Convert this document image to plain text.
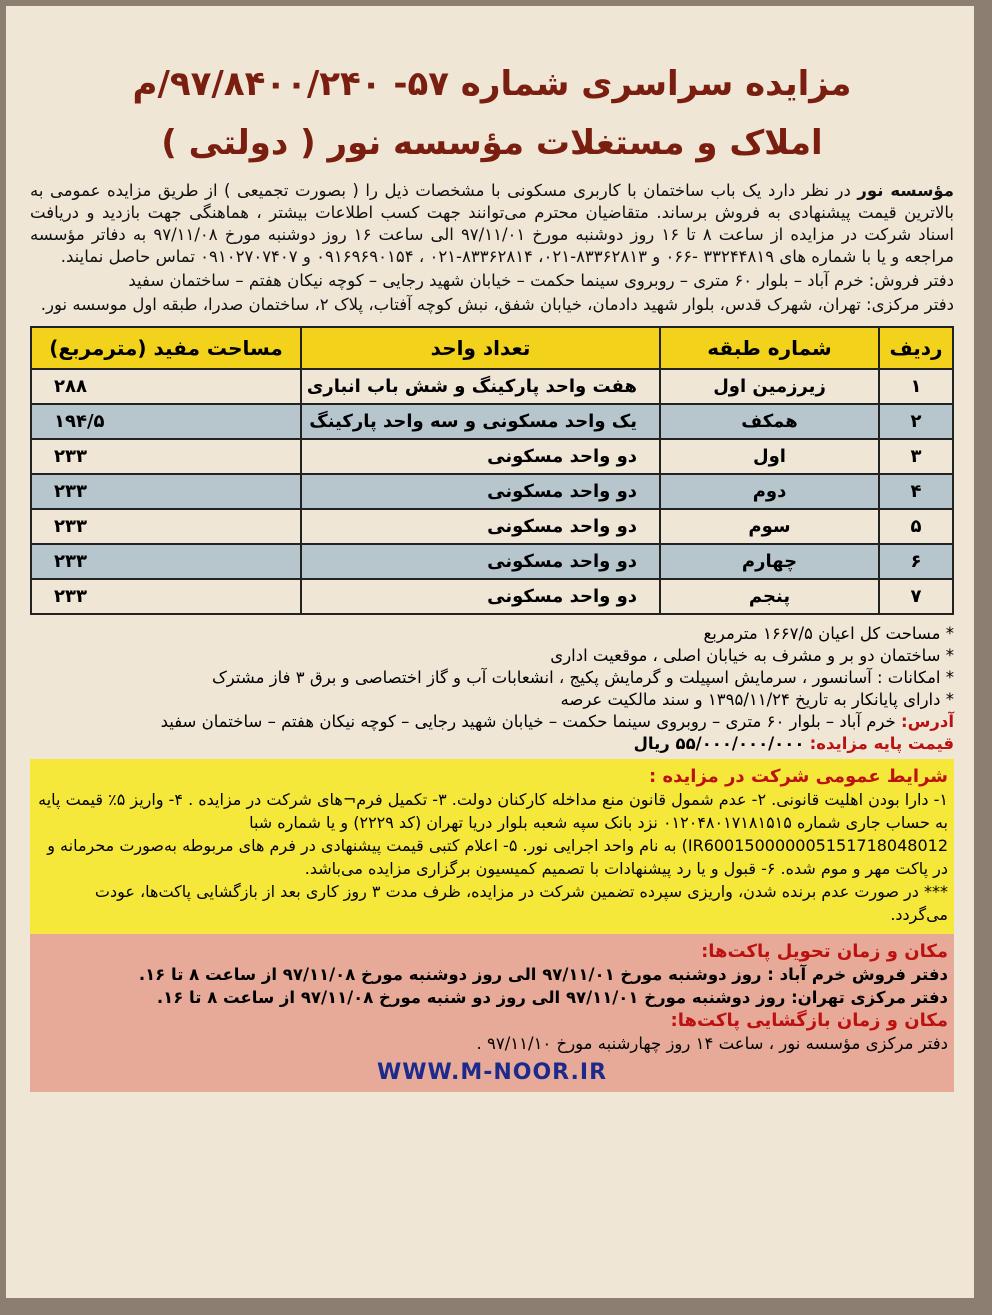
مزایده سراسری شماره ۵۷- ۹۷/۸۴۰۰/۲۴۰/م
املاک و مستغلات مؤسسه نور ( دولتی )

مؤسسه نور در نظر دارد یک باب ساختمان با کاربری مسکونی با مشخصات ذیل را ( بصورت تجمیعی ) از طریق مزایده عمومی به بالاترین قیمت پیشنهادی به فروش برساند. متقاضیان محترم می‌توانند جهت کسب اطلاعات بیشتر ، هماهنگی جهت بازدید و دریافت اسناد شرکت در مزایده از ساعت ۸ تا ۱۶ روز دوشنبه مورخ ۹۷/۱۱/۰۱ الی ساعت ۱۶ روز دوشنبه مورخ ۹۷/۱۱/۰۸ به دفاتر مؤسسه مراجعه و یا با شماره های ۳۳۲۴۴۸۱۹ -۰۶۶ و ۸۳۳۶۲۸۱۳-۰۲۱، ۸۳۳۶۲۸۱۴-۰۲۱ ، ۰۹۱۶۹۶۹۰۱۵۴ و ۰۹۱۰۲۷۰۷۴۰۷ تماس حاصل نمایند.

دفتر فروش: خرم آباد – بلوار ۶۰ متری – روبروی سینما حکمت – خیابان شهید رجایی – کوچه نیکان هفتم – ساختمان سفید

دفتر مرکزی: تهران، شهرک قدس، بلوار شهید دادمان، خیابان شفق، نبش کوچه آفتاب، پلاک ۲، ساختمان صدرا، طبقه اول موسسه نور.

ردیف	شماره طبقه	تعداد واحد	مساحت مفید (مترمربع)
۱	زیرزمین اول	هفت واحد پارکینگ و شش باب انباری	۲۸۸
۲	همکف	یک واحد مسکونی و سه واحد پارکینگ	۱۹۴/۵
۳	اول	دو واحد مسکونی	۲۳۳
۴	دوم	دو واحد مسکونی	۲۳۳
۵	سوم	دو واحد مسکونی	۲۳۳
۶	چهارم	دو واحد مسکونی	۲۳۳
۷	پنجم	دو واحد مسکونی	۲۳۳
* مساحت کل اعیان ۱۶۶۷/۵ مترمربع
* ساختمان دو بر و مشرف به خیابان اصلی ، موقعیت اداری
* امکانات : آسانسور ، سرمایش اسپیلت و گرمایش پکیج ، انشعابات آب و گاز اختصاصی و برق ۳ فاز مشترک
* دارای پایانکار به تاریخ ۱۳۹۵/۱۱/۲۴ و سند مالکیت عرصه
آدرس: خرم آباد – بلوار ۶۰ متری – روبروی سینما حکمت – خیابان شهید رجایی – کوچه نیکان هفتم – ساختمان سفید
قیمت پایه مزایده: ۵۵/۰۰۰/۰۰۰/۰۰۰ ریال
شرایط عمومی شرکت در مزایده :
۱- دارا بودن اهلیت قانونی. ۲- عدم شمول قانون منع مداخله کارکنان دولت. ۳- تکمیل فرم¬های شرکت در مزایده . ۴- واریز ۵٪ قیمت پایه به حساب جاری شماره ۰۱۲۰۴۸۰۱۷۱۸۱۵۱۵ نزد بانک سپه شعبه بلوار دریا تهران (کد ۲۲۲۹) و یا شماره شبا (IR600150000005151718048012 به نام واحد اجرایی نور. ۵- اعلام کتبی قیمت پیشنهادی در فرم های مربوطه به‌صورت محرمانه و در پاکت مهر و موم شده. ۶- قبول و یا رد پیشنهادات با تصمیم کمیسیون برگزاری مزایده می‌باشد.
*** در صورت عدم برنده شدن، واریزی سپرده تضمین شرکت در مزایده، ظرف مدت ۳ روز کاری بعد از بازگشایی پاکت‌ها، عودت می‌گردد.
مکان و زمان تحویل پاکت‌ها:
دفتر فروش خرم آباد : روز دوشنبه مورخ ۹۷/۱۱/۰۱ الی روز دوشنبه مورخ ۹۷/۱۱/۰۸ از ساعت ۸ تا ۱۶.
دفتر مرکزی تهران: روز دوشنبه مورخ ۹۷/۱۱/۰۱ الی روز دو شنبه مورخ ۹۷/۱۱/۰۸ از ساعت ۸ تا ۱۶.
مکان و زمان بازگشایی پاکت‌ها:
دفتر مرکزی مؤسسه نور ، ساعت ۱۴ روز چهارشنبه مورخ ۹۷/۱۱/۱۰ .
WWW.M-NOOR.IR
